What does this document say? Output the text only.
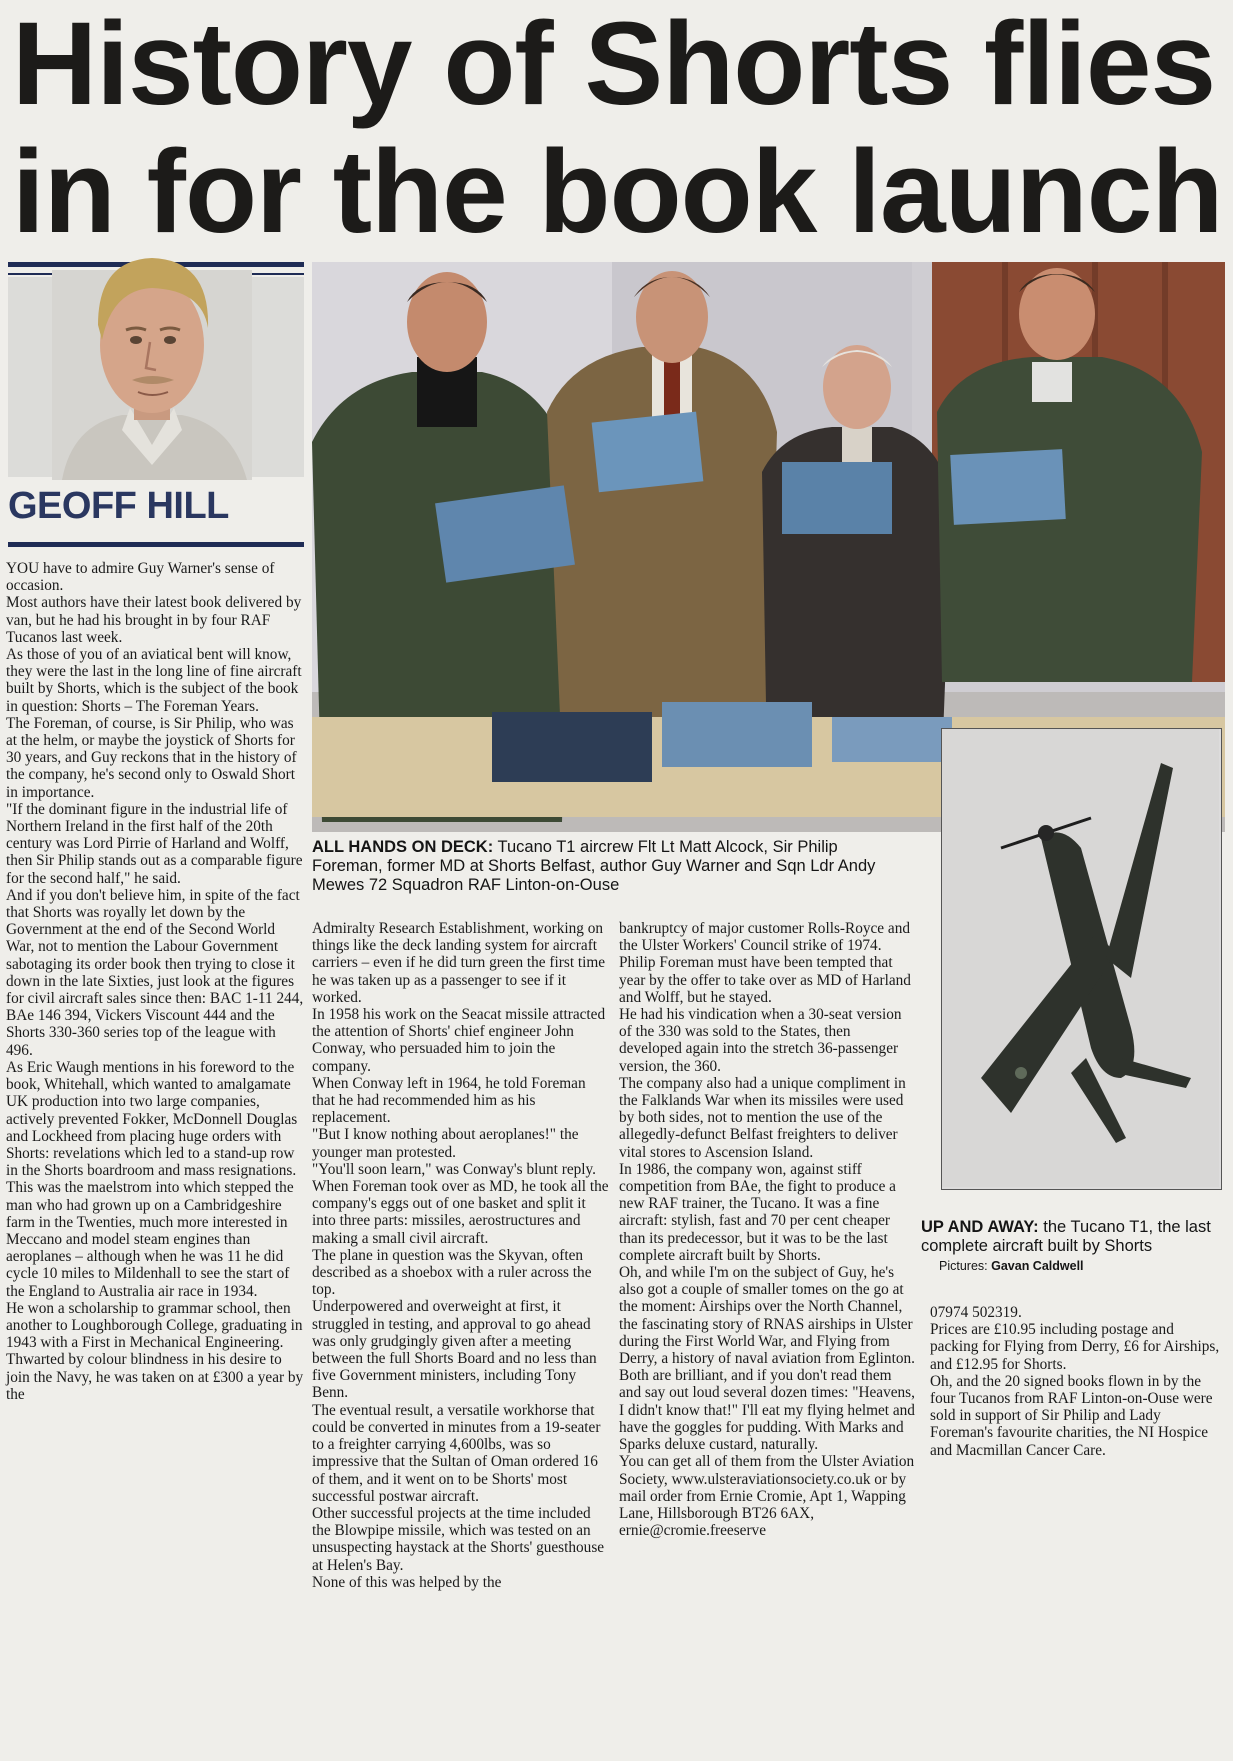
History of Shorts flies
in for the book launch
GEOFF HILL
ALL HANDS ON DECK: Tucano T1 aircrew Flt Lt Matt Alcock, Sir Philip Foreman, former MD at Shorts Belfast, author Guy Warner and Sqn Ldr Andy Mewes 72 Squadron RAF Linton-on-Ouse
UP AND AWAY: the Tucano T1, the last complete aircraft built by Shorts Pictures: Gavan Caldwell

YOU have to admire Guy Warner's sense of occasion.

Most authors have their latest book delivered by van, but he had his brought in by four RAF Tucanos last week.

As those of you of an aviatical bent will know, they were the last in the long line of fine aircraft built by Shorts, which is the subject of the book in question: Shorts – The Foreman Years.

The Foreman, of course, is Sir Philip, who was at the helm, or maybe the joystick of Shorts for 30 years, and Guy reckons that in the history of the company, he's second only to Oswald Short in importance.

"If the dominant figure in the industrial life of Northern Ireland in the first half of the 20th century was Lord Pirrie of Harland and Wolff, then Sir Philip stands out as a comparable figure for the second half," he said.

And if you don't believe him, in spite of the fact that Shorts was royally let down by the Government at the end of the Second World War, not to mention the Labour Government sabotaging its order book then trying to close it down in the late Sixties, just look at the figures for civil aircraft sales since then: BAC 1-11 244, BAe 146 394, Vickers Viscount 444 and the Shorts 330-360 series top of the league with 496.

As Eric Waugh mentions in his foreword to the book, Whitehall, which wanted to amalgamate UK production into two large companies, actively prevented Fokker, McDonnell Douglas and Lockheed from placing huge orders with Shorts: revelations which led to a stand-up row in the Shorts boardroom and mass resignations.

This was the maelstrom into which stepped the man who had grown up on a Cambridgeshire farm in the Twenties, much more interested in Meccano and model steam engines than aeroplanes – although when he was 11 he did cycle 10 miles to Mildenhall to see the start of the England to Australia air race in 1934.

He won a scholarship to grammar school, then another to Loughborough College, graduating in 1943 with a First in Mechanical Engineering.

Thwarted by colour blindness in his desire to join the Navy, he was taken on at £300 a year by the

Admiralty Research Establishment, working on things like the deck landing system for aircraft carriers – even if he did turn green the first time he was taken up as a passenger to see if it worked.

In 1958 his work on the Seacat missile attracted the attention of Shorts' chief engineer John Conway, who persuaded him to join the company.

When Conway left in 1964, he told Foreman that he had recommended him as his replacement.

"But I know nothing about aeroplanes!" the younger man protested.

"You'll soon learn," was Conway's blunt reply.

When Foreman took over as MD, he took all the company's eggs out of one basket and split it into three parts: missiles, aerostructures and making a small civil aircraft.

The plane in question was the Skyvan, often described as a shoebox with a ruler across the top.

Underpowered and overweight at first, it struggled in testing, and approval to go ahead was only grudgingly given after a meeting between the full Shorts Board and no less than five Government ministers, including Tony Benn.

The eventual result, a versatile workhorse that could be converted in minutes from a 19-seater to a freighter carrying 4,600lbs, was so impressive that the Sultan of Oman ordered 16 of them, and it went on to be Shorts' most successful postwar aircraft.

Other successful projects at the time included the Blowpipe missile, which was tested on an unsuspecting haystack at the Shorts' guesthouse at Helen's Bay.

None of this was helped by the

bankruptcy of major customer Rolls-Royce and the Ulster Workers' Council strike of 1974.

Philip Foreman must have been tempted that year by the offer to take over as MD of Harland and Wolff, but he stayed.

He had his vindication when a 30-seat version of the 330 was sold to the States, then developed again into the stretch 36-passenger version, the 360.

The company also had a unique compliment in the Falklands War when its missiles were used by both sides, not to mention the use of the allegedly-defunct Belfast freighters to deliver vital stores to Ascension Island.

In 1986, the company won, against stiff competition from BAe, the fight to produce a new RAF trainer, the Tucano. It was a fine aircraft: stylish, fast and 70 per cent cheaper than its predecessor, but it was to be the last complete aircraft built by Shorts.

Oh, and while I'm on the subject of Guy, he's also got a couple of smaller tomes on the go at the moment: Airships over the North Channel, the fascinating story of RNAS airships in Ulster during the First World War, and Flying from Derry, a history of naval aviation from Eglinton.

Both are brilliant, and if you don't read them and say out loud several dozen times: "Heavens, I didn't know that!" I'll eat my flying helmet and have the goggles for pudding. With Marks and Sparks deluxe custard, naturally.

You can get all of them from the Ulster Aviation Society, www.ulsteraviationsociety.co.uk or by mail order from Ernie Cromie, Apt 1, Wapping Lane, Hillsborough BT26 6AX, ernie@cromie.freeserve

07974 502319.

Prices are £10.95 including postage and packing for Flying from Derry, £6 for Airships, and £12.95 for Shorts.

Oh, and the 20 signed books flown in by the four Tucanos from RAF Linton-on-Ouse were sold in support of Sir Philip and Lady Foreman's favourite charities, the NI Hospice and Macmillan Cancer Care.
